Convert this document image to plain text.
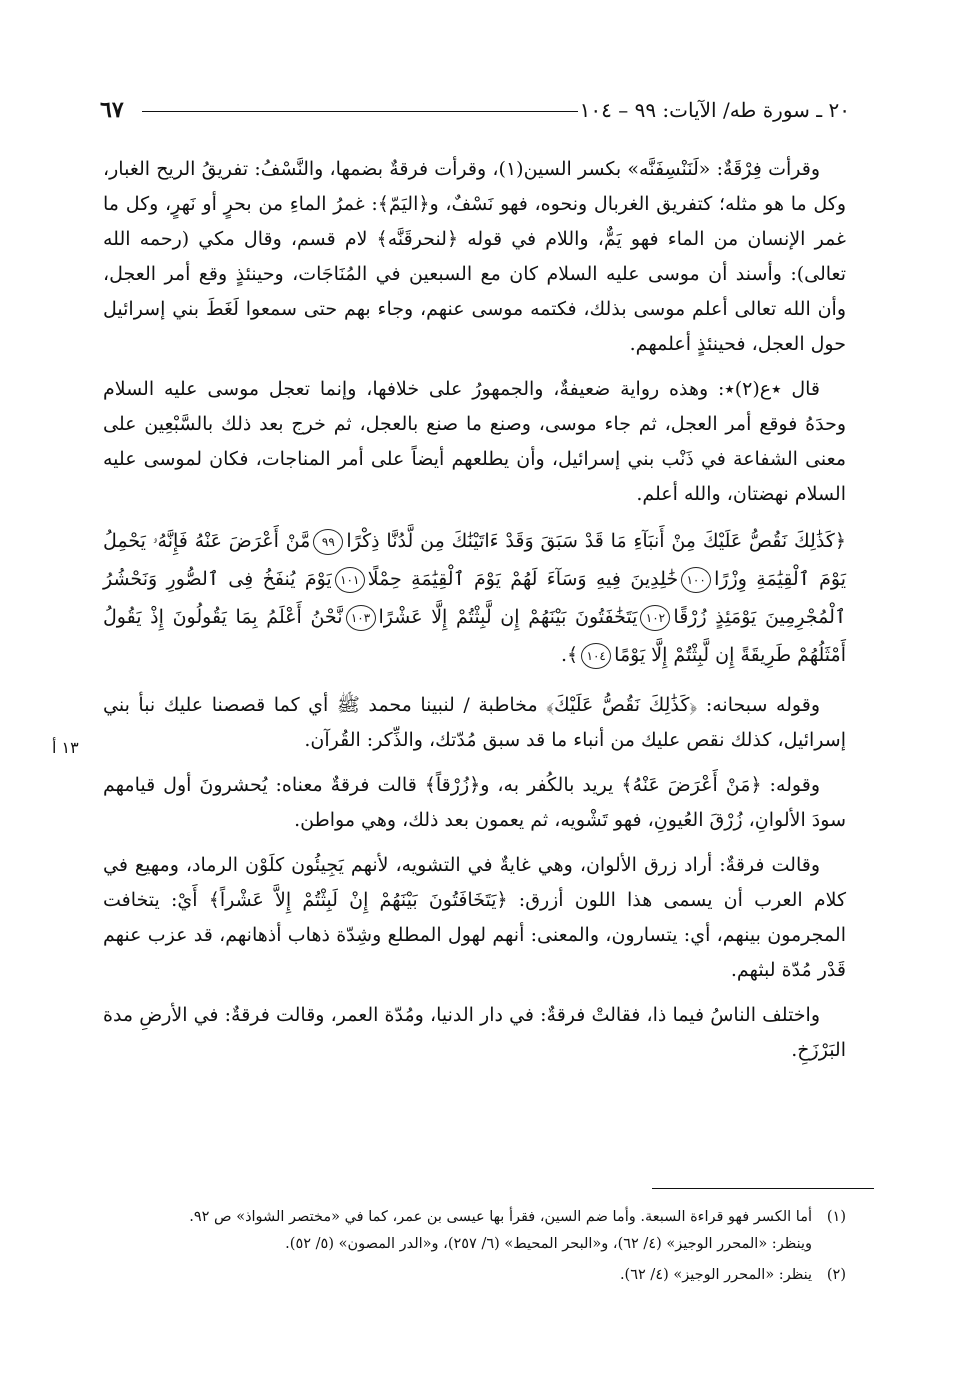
٢٠ ـ سورة طه/ الآيات: ٩٩ – ١٠٤
٦٧
١٣ أ

وقرأت فِرْقَةٌ: «لَنَنْسِفَنَّه» بكسر السين(١)، وقرأت فرقةٌ بضمها، والنَّسْفُ: تفريقُ الريح الغبار، وكل ما هو مثله؛ كتفريق الغربال ونحوه، فهو نَسْفٌ، و﴿اليَمّ﴾: غمرُ الماءِ من بحرٍ أو نَهرٍ، وكل ما غمر الإنسان من الماء فهو يَمٌّ، واللام في قوله ﴿لنحرقَنَّه﴾ لام قسم، وقال مكي (رحمه الله تعالى): وأسند أن موسى عليه السلام كان مع السبعين في المُنَاجَات، وحينئذٍ وقع أمر العجل، وأن الله تعالى أعلم موسى بذلك، فكتمه موسى عنهم، وجاء بهم حتى سمعوا لَغَطَ بني إسرائيل حول العجل، فحينئذٍ أعلمهم.

قال ٭ع(٢)٭: وهذه رواية ضعيفةٌ، والجمهورُ على خلافها، وإنما تعجل موسى عليه السلام وحدَهُ فوقع أمر العجل، ثم جاء موسى، وصنع ما صنع بالعجل، ثم خرج بعد ذلك بالسَّبْعِين على معنى الشفاعة في ذَنْب بني إسرائيل، وأن يطلعهم أيضاً على أمر المناجات، فكان لموسى عليه السلام نهضتان، والله أعلم.

﴿كَذَٰلِكَ نَقُصُّ عَلَيْكَ مِنْ أَنبَآءِ مَا قَدْ سَبَقَ وَقَدْ ءَاتَيْنَٰكَ مِن لَّدُنَّا ذِكْرًا٩٩مَّنْ أَعْرَضَ عَنْهُ فَإِنَّهُۥ يَحْمِلُ يَوْمَ ٱلْقِيَٰمَةِ وِزْرًا١٠٠خَٰلِدِينَ فِيهِ وَسَآءَ لَهُمْ يَوْمَ ٱلْقِيَٰمَةِ حِمْلًا١٠١يَوْمَ يُنفَخُ فِى ٱلصُّورِ وَنَحْشُرُ ٱلْمُجْرِمِينَ يَوْمَئِذٍ زُرْقًا١٠٢يَتَخَٰفَتُونَ بَيْنَهُمْ إِن لَّبِثْتُمْ إِلَّا عَشْرًا١٠٣نَّحْنُ أَعْلَمُ بِمَا يَقُولُونَ إِذْ يَقُولُ أَمْثَلُهُمْ طَرِيقَةً إِن لَّبِثْتُمْ إِلَّا يَوْمًا١٠٤﴾.

وقوله سبحانه: ﴿كَذَٰلِكَ نَقُصُّ عَلَيْكَ﴾ مخاطبة / لنبينا محمد ﷺ أي كما قصصنا عليك نبأ بني إسرائيل، كذلك نقص عليك من أنباء ما قد سبق مُدّتك، والذِّكر: القُرآن.

وقوله: ﴿مَنْ أَعْرَضَ عَنْهُ﴾ يريد بالكُفر به، و﴿زُرْقاً﴾ قالت فرقةٌ معناه: يُحشرونَ أول قيامهم سودَ الألوانِ، زُرْقَ العُيونِ، فهو تَشْويه، ثم يعمون بعد ذلك، وهي مواطن.

وقالت فرقةٌ: أراد زرق الألوان، وهي غايةٌ في التشويه، لأنهم يَجِيئُون كلَوْن الرماد، ومهيع في كلام العرب أن يسمى هذا اللون أزرق: ﴿يَتَخَافَتُونَ بَيْنَهُمْ إِنْ لَبِثْتُمْ إِلاَّ عَشْراً﴾ أَيْ: يتخافت المجرمون بينهم، أي: يتسارون، والمعنى: أنهم لهول المطلع وشِدّة ذهاب أذهانهم، قد عزب عنهم قَدْر مُدّة لبثهم.

واختلف الناسُ فيما ذا، فقالتْ فرقةٌ: في دار الدنيا، ومُدّة العمر، وقالت فرقةٌ: في الأرضِ مدة البَرْزَخِ.

(١)أما الكسر فهو قراءة السبعة. وأما ضم السين، فقرأ بها عيسى بن عمر، كما في «مختصر الشواذ» ص ٩٢.
وينظر: «المحرر الوجيز» (٤/ ٦٢)، و«البحر المحيط» (٦/ ٢٥٧)، و«الدر المصون» (٥/ ٥٢).
(٢)ينظر: «المحرر الوجيز» (٤/ ٦٢).
